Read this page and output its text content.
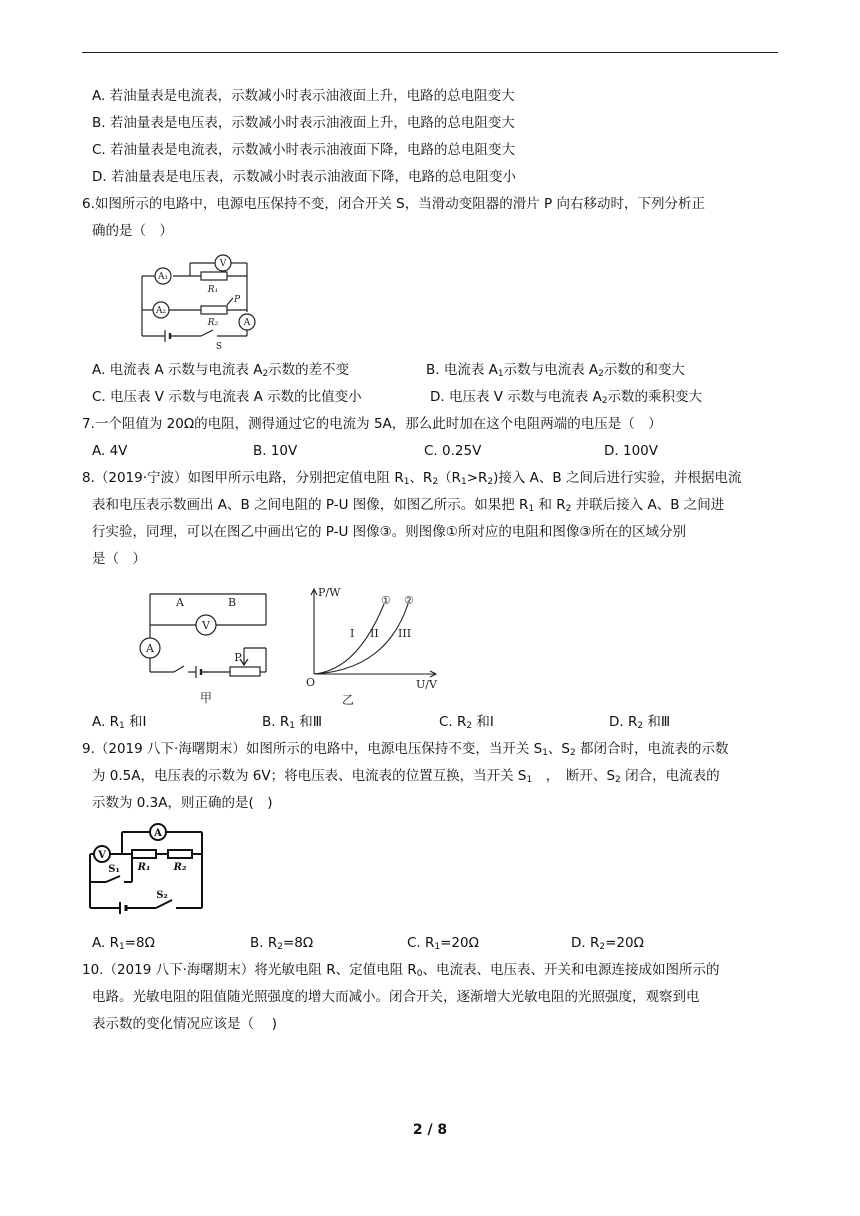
A. 若油量表是电流表，示数减小时表示油液面上升，电路的总电阻变大
B. 若油量表是电压表，示数减小时表示油液面上升，电路的总电阻变大
C. 若油量表是电流表，示数减小时表示油液面下降，电路的总电阻变大
D. 若油量表是电压表，示数减小时表示油液面下降，电路的总电阻变小
6.如图所示的电路中，电源电压保持不变，闭合开关 S，当滑动变阻器的滑片 P 向右移动时，下列分析正
确的是（　）
V
A₁
A₂
A
R₁
R₂
P
S
A. 电流表 A 示数与电流表 $A_2$示数的差不变	B. 电流表 $A_1$示数与电流表 $A_2$示数的和变大
C. 电压表 V 示数与电流表 A 示数的比值变小	D. 电压表 V 示数与电流表 $A_2$示数的乘积变大
7.一个阻值为 20Ω的电阻，测得通过它的电流为 5A，那么此时加在这个电阻两端的电压是（　）
A. 4V	B. 10V	C. 0.25V	D. 100V
8.（2019·宁波）如图甲所示电路，分别把定值电阻 $R_1$、$R_2(R_1>R_2)$接入 A、B 之间后进行实验，并根据电流
表和电压表示数画出 A、B 之间电阻的 P-U 图像，如图乙所示。如果把 $R_1$ 和 $R_2$ 并联后接入 A、B 之间进
行实验，同理，可以在图乙中画出它的 P-U 图像③。则图像①所对应的电阻和图像③所在的区域分别
是（　）
A	B
V
A
P
甲
P/W
U/V
O
① ②
I II III
乙
A. $R_1$ 和Ⅰ	B. $R_1$ 和Ⅲ	C. $R_2$ 和Ⅰ	D. $R_2$ 和Ⅲ
9.（2019 八下·海曙期末）如图所示的电路中，电源电压保持不变，当开关 $S_1$、$S_2$ 都闭合时，电流表的示数
为 0.5A，电压表的示数为 6V；将电压表、电流表的位置互换，当开关 $S_1$　，　断开、$S_2$ 闭合，电流表的
示数为 0.3A，则正确的是(　)
A
V
R₁ R₂
S₁
S₂
A. $R_1=8\Omega$	B. $R_2=8\Omega$	C. $R_1=20\Omega$	D. $R_2=20\Omega$
10.（2019 八下·海曙期末）将光敏电阻 R、定值电阻 $R_0$、电流表、电压表、开关和电源连接成如图所示的
电路。光敏电阻的阻值随光照强度的增大而减小。闭合开关，逐渐增大光敏电阻的光照强度，观察到电
表示数的变化情况应该是（　 )
2 / 8
